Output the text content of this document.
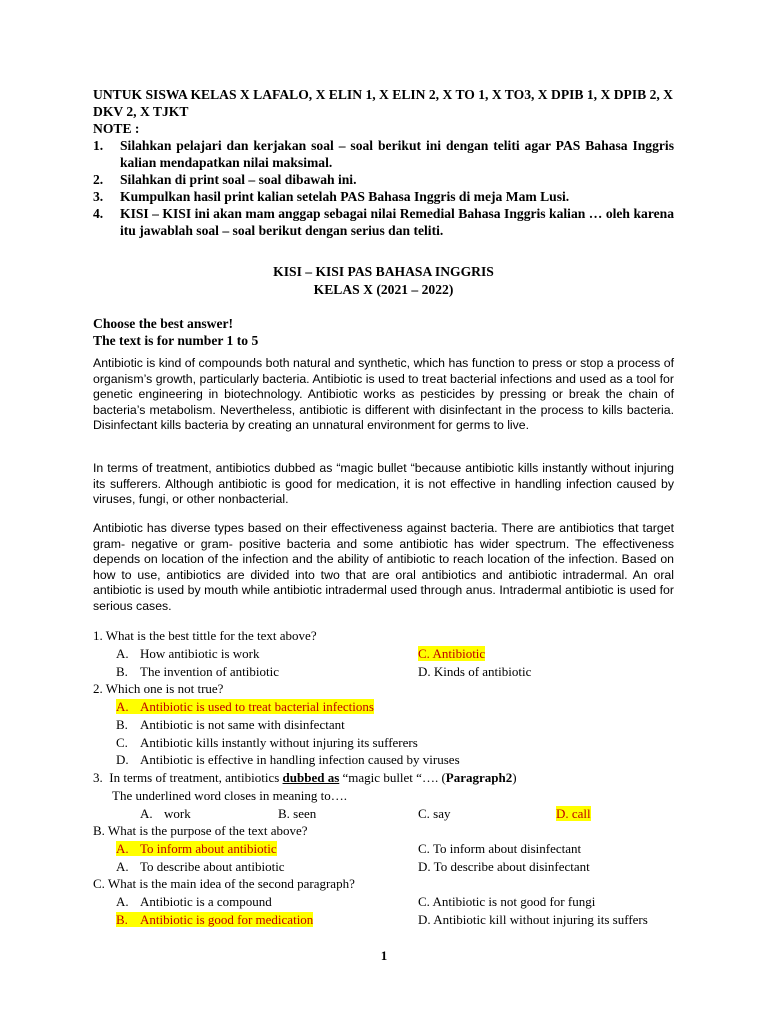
UNTUK SISWA KELAS X LAFALO, X ELIN 1, X ELIN 2, X TO 1, X TO3, X DPIB 1, X DPIB 2, X DKV 2, X TJKT

NOTE :

1. Silahkan pelajari dan kerjakan soal – soal berikut ini dengan teliti agar PAS Bahasa Inggris kalian mendapatkan nilai maksimal.
2. Silahkan di print soal – soal dibawah ini.
3. Kumpulkan hasil print kalian setelah PAS Bahasa Inggris di meja Mam Lusi.
4. KISI – KISI ini akan mam anggap sebagai nilai Remedial Bahasa Inggris kalian … oleh karena itu jawablah soal – soal berikut dengan serius dan teliti.
KISI – KISI PAS BAHASA INGGRIS
KELAS X (2021 – 2022)
Choose the best answer!
The text is for number 1 to 5

Antibiotic is kind of compounds both natural and synthetic, which has function to press or stop a process of organism’s growth, particularly bacteria. Antibiotic is used to treat bacterial infections and used as a tool for genetic engineering in biotechnology. Antibiotic works as pesticides by pressing or break the chain of bacteria’s metabolism. Nevertheless, antibiotic is different with disinfectant in the process to kills bacteria. Disinfectant kills bacteria by creating an unnatural environment for germs to live.

In terms of treatment, antibiotics dubbed as “magic bullet “because antibiotic kills instantly without injuring its sufferers. Although antibiotic is good for medication, it is not effective in handling infection caused by viruses, fungi, or other nonbacterial.

Antibiotic has diverse types based on their effectiveness against bacteria. There are antibiotics that target gram- negative or gram- positive bacteria and some antibiotic has wider spectrum. The effectiveness depends on location of the infection and the ability of antibiotic to reach location of the infection. Based on how to use, antibiotics are divided into two that are oral antibiotics and antibiotic intradermal. An oral antibiotic is used by mouth while antibiotic intradermal used through anus. Intradermal antibiotic is used for serious cases.

1. What is the best tittle for the text above?
A. How antibiotic is work	C. Antibiotic
B. The invention of antibiotic	D. Kinds of antibiotic
2. Which one is not true?
A. Antibiotic is used to treat bacterial infections
B. Antibiotic is not same with disinfectant
C. Antibiotic kills instantly without injuring its sufferers
D. Antibiotic is effective in handling infection caused by viruses
3. In terms of treatment, antibiotics dubbed as “magic bullet “…. (Paragraph2)
The underlined word closes in meaning to….
A. work	B. seen	C. say	D. call
B. What is the purpose of the text above?
A. To inform about antibiotic	C. To inform about disinfectant
A. To describe about antibiotic	D. To describe about disinfectant
C. What is the main idea of the second paragraph?
A. Antibiotic is a compound	C. Antibiotic is not good for fungi
B. Antibiotic is good for medication	D. Antibiotic kill without injuring its suffers
1
